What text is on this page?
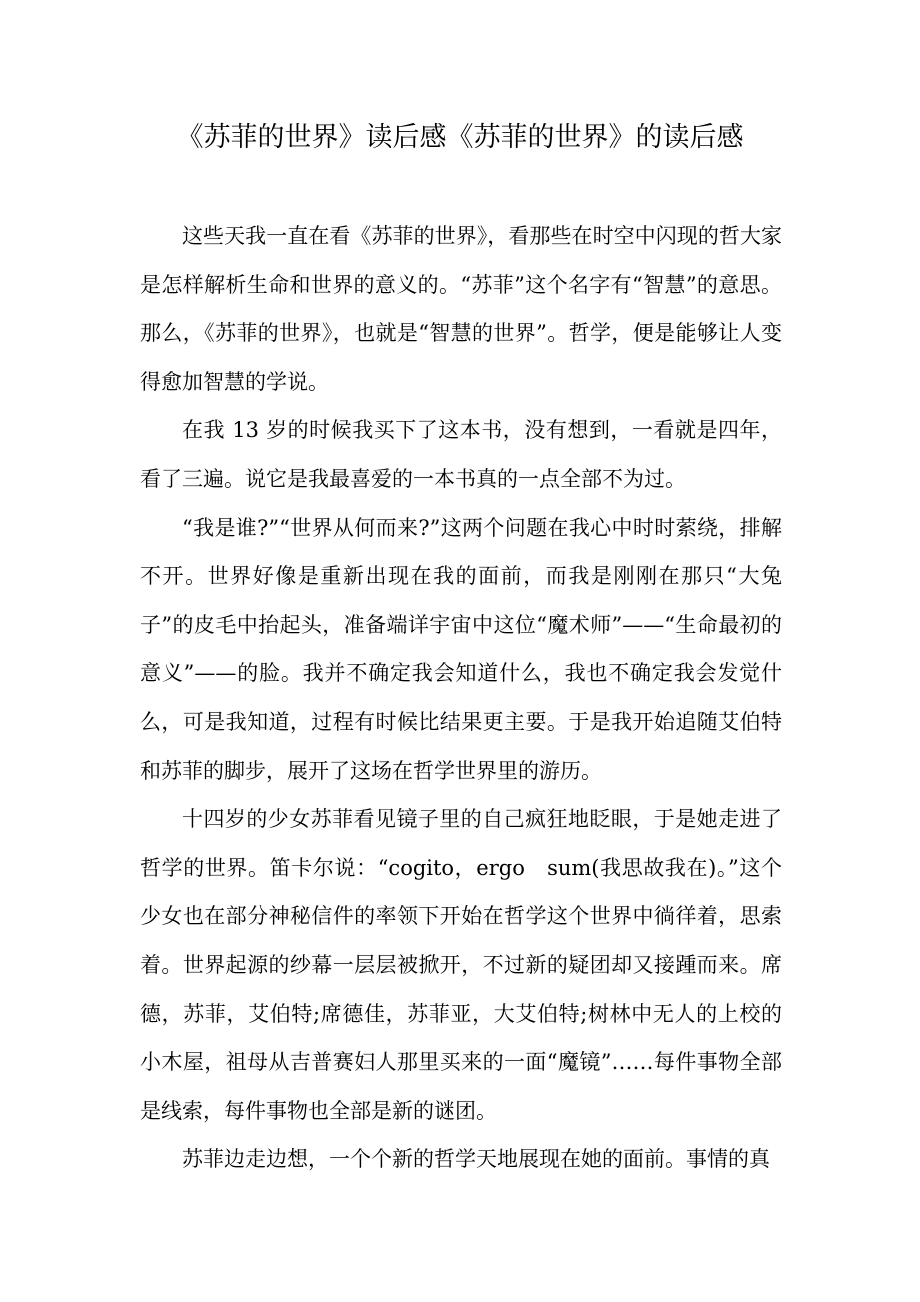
《苏菲的世界》读后感《苏菲的世界》的读后感

这些天我一直在看《苏菲的世界》，看那些在时空中闪现的哲大家是怎样解析生命和世界的意义的。“苏菲”这个名字有“智慧”的意思。那么，《苏菲的世界》，也就是“智慧的世界”。哲学，便是能够让人变得愈加智慧的学说。

在我 13 岁的时候我买下了这本书，没有想到，一看就是四年，看了三遍。说它是我最喜爱的一本书真的一点全部不为过。

“我是谁?”“世界从何而来?”这两个问题在我心中时时萦绕，排解不开。世界好像是重新出现在我的面前，而我是刚刚在那只“大兔子”的皮毛中抬起头，准备端详宇宙中这位“魔术师”——“生命最初的意义”——的脸。我并不确定我会知道什么，我也不确定我会发觉什么，可是我知道，过程有时候比结果更主要。于是我开始追随艾伯特和苏菲的脚步，展开了这场在哲学世界里的游历。

十四岁的少女苏菲看见镜子里的自己疯狂地眨眼，于是她走进了哲学的世界。笛卡尔说：“cogito，ergo　sum(我思故我在)。”这个少女也在部分神秘信件的率领下开始在哲学这个世界中徜徉着，思索着。世界起源的纱幕一层层被掀开，不过新的疑团却又接踵而来。席德，苏菲，艾伯特;席德佳，苏菲亚，大艾伯特;树林中无人的上校的小木屋，祖母从吉普赛妇人那里买来的一面“魔镜”……每件事物全部是线索，每件事物也全部是新的谜团。

苏菲边走边想，一个个新的哲学天地展现在她的面前。事情的真
